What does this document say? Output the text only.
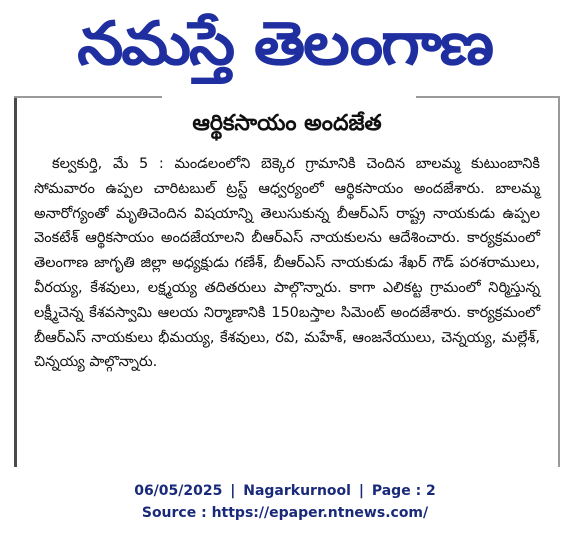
నమస్తే తెలంగాణ
ఆర్థికసాయం అందజేత
కల్వకుర్తి, మే 5 : మండలంలోని బెక్కెర గ్రామానికి చెందిన బాలమ్మ కుటుంబానికి సోమవారం ఉప్పల చారిటబుల్ ట్రస్ట్ ఆధ్వర్యంలో ఆర్థికసాయం అందజేశారు. బాలమ్మ అనారోగ్యంతో మృతిచెందిన విషయాన్ని తెలుసుకున్న బీఆర్ఎస్ రాష్ట్ర నాయకుడు ఉప్పల వెంకటేశ్ ఆర్థికసాయం అందజేయాలని బీఆర్ఎస్ నాయకులను ఆదేశించారు. కార్యక్రమంలో తెలంగాణ జాగృతి జిల్లా అధ్యక్షుడు గణేశ్, బీఆర్ఎస్ నాయకుడు శేఖర్ గౌడ్ పరశరాములు, వీరయ్య, కేశవులు, లక్ష్మయ్య తదితరులు పాల్గొన్నారు. కాగా ఎలికట్ట గ్రామంలో నిర్మిస్తున్న లక్ష్మీచెన్న కేశవస్వామి ఆలయ నిర్మాణానికి 150బస్తాల సిమెంట్ అందజేశారు. కార్యక్రమంలో బీఆర్ఎస్ నాయకులు భీమయ్య, కేశవులు, రవి, మహేశ్, ఆంజనేయులు, చెన్నయ్య, మల్లేశ్, చిన్నయ్య పాల్గొన్నారు.
06/05/2025 | Nagarkurnool | Page : 2
Source : https://epaper.ntnews.com/
